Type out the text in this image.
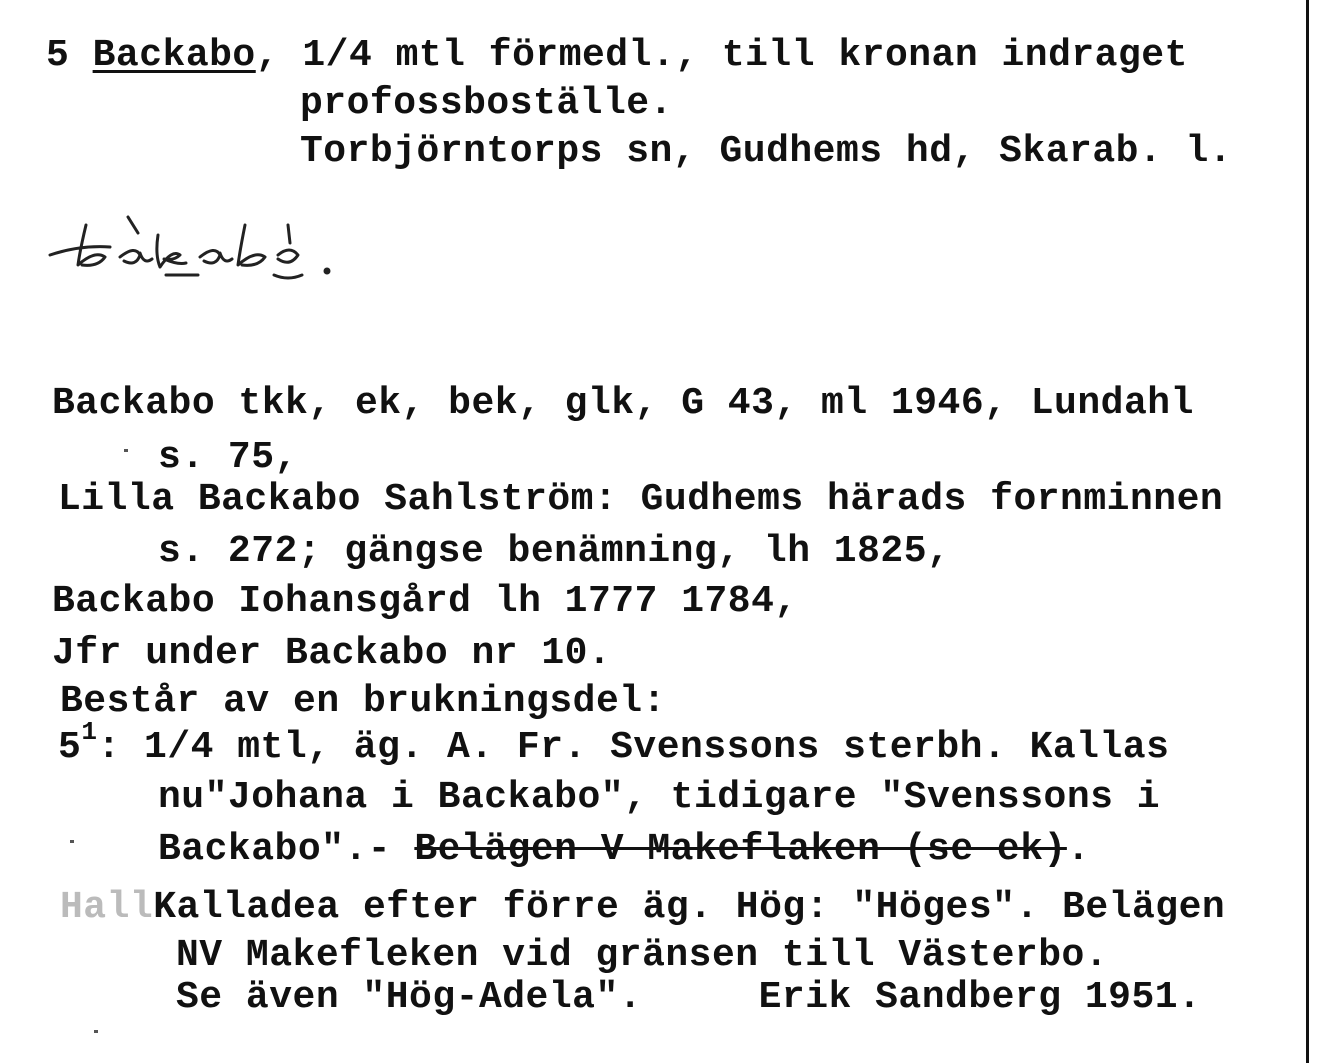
5 Backabo, 1/4 mtl förmedl., till kronan indraget
profossboställe.
Torbjörntorps sn, Gudhems hd, Skarab. l.
Backabo tkk, ek, bek, glk, G 43, ml 1946, Lundahl
s. 75,
Lilla Backabo Sahlström: Gudhems härads fornminnen
s. 272; gängse benämning, lh 1825,
Backabo Iohansgård lh 1777 1784,
Jfr under Backabo nr 10.
Består av en brukningsdel:
$5^1$: 1/4 mtl, äg. A. Fr. Svenssons sterbh. Kallas
nu"Johana i Backabo", tidigare "Svenssons i
Backabo".- Belägen V Makeflaken (se ek).
HallKalladea efter förre äg. Hög: "Höges". Belägen
NV Makefleken vid gränsen till Västerbo.
Se även "Hög-Adela".     Erik Sandberg 1951.
